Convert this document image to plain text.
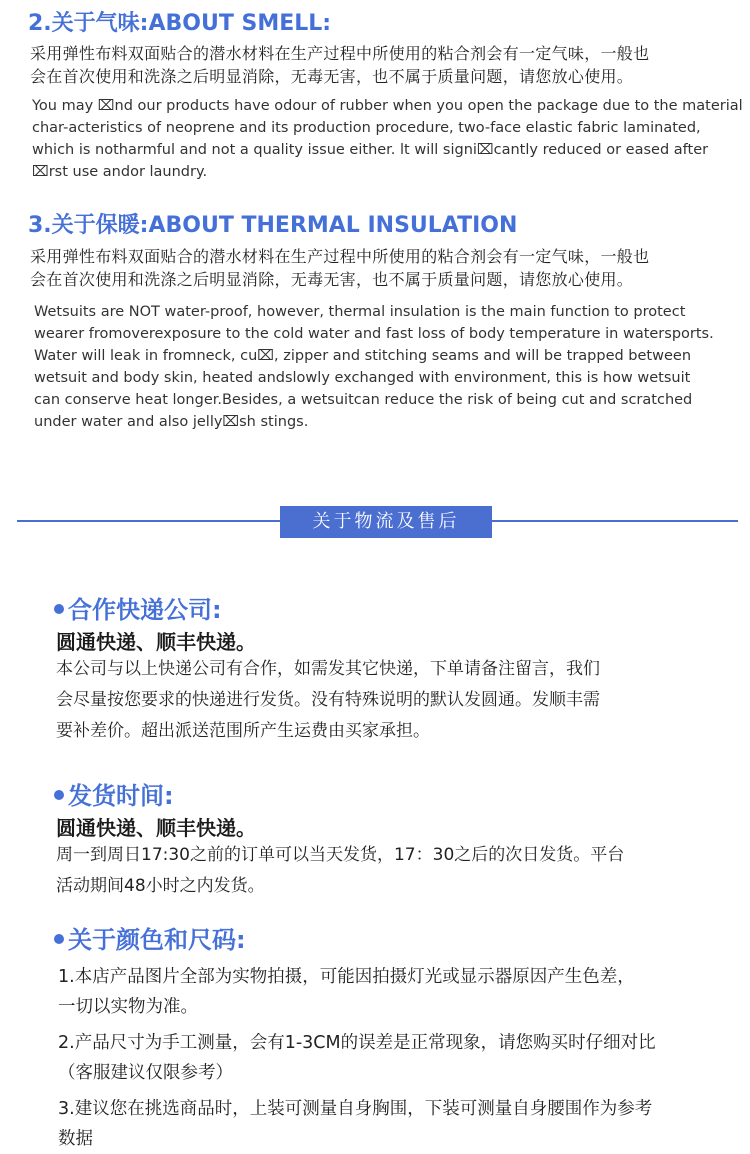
2.关于气味:ABOUT SMELL:
采用弹性布料双面贴合的潜水材料在生产过程中所使用的粘合剂会有一定气味，一般也
会在首次使用和洗涤之后明显消除，无毒无害，也不属于质量问题，请您放心使用。
You may ⌧nd our products have odour of rubber when you open the package due to the material
char-acteristics of neoprene and its production procedure, two-face elastic fabric laminated,
which is notharmful and not a quality issue either. lt will signi⌧cantly reduced or eased after
⌧rst use andor laundry.
3.关于保暖:ABOUT THERMAL INSULATION
采用弹性布料双面贴合的潜水材料在生产过程中所使用的粘合剂会有一定气味，一般也
会在首次使用和洗涤之后明显消除，无毒无害，也不属于质量问题，请您放心使用。
Wetsuits are NOT water-proof, however, thermal insulation is the main function to protect
wearer fromoverexposure to the cold water and fast loss of body temperature in watersports.
Water will leak in fromneck, cu⌧, zipper and stitching seams and will be trapped between
wetsuit and body skin, heated andslowly exchanged with environment, this is how wetsuit
can conserve heat longer.Besides, a wetsuitcan reduce the risk of being cut and scratched
under water and also jelly⌧sh stings.
关于物流及售后
合作快递公司:
圆通快递、顺丰快递。
本公司与以上快递公司有合作，如需发其它快递，下单请备注留言，我们
会尽量按您要求的快递进行发货。没有特殊说明的默认发圆通。发顺丰需
要补差价。超出派送范围所产生运费由买家承担。
发货时间:
圆通快递、顺丰快递。
周一到周日17:30之前的订单可以当天发货，17：30之后的次日发货。平台
活动期间48小时之内发货。
关于颜色和尺码:
1.本店产品图片全部为实物拍摄，可能因拍摄灯光或显示器原因产生色差，
一切以实物为准。
2.产品尺寸为手工测量，会有1-3CM的误差是正常现象，请您购买时仔细对比
（客服建议仅限参考）
3.建议您在挑选商品时，上装可测量自身胸围，下装可测量自身腰围作为参考
数据
